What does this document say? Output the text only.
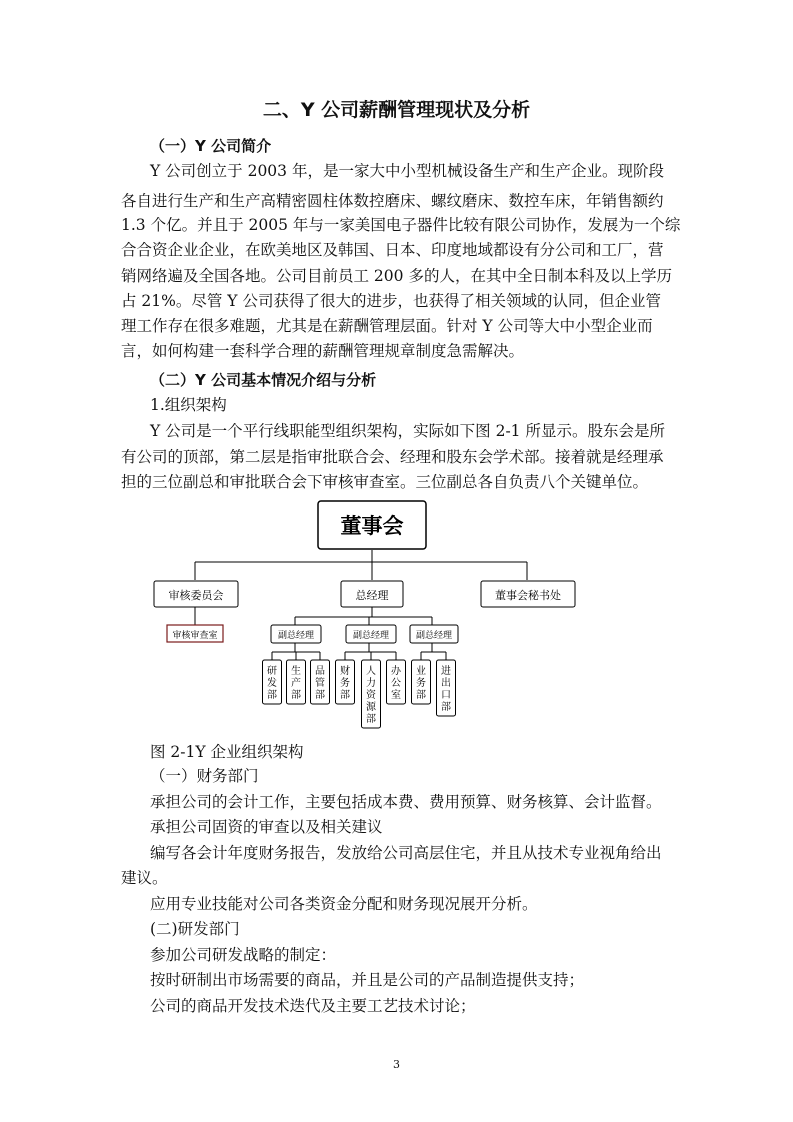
二、Y 公司薪酬管理现状及分析
（一）Y 公司简介
Y 公司创立于 2003 年，是一家大中小型机械设备生产和生产企业。现阶段
各自进行生产和生产高精密圆柱体数控磨床、螺纹磨床、数控车床，年销售额约
1.3 个亿。并且于 2005 年与一家美国电子器件比较有限公司协作，发展为一个综
合合资企业企业，在欧美地区及韩国、日本、印度地域都设有分公司和工厂，营
销网络遍及全国各地。公司目前员工 200 多的人，在其中全日制本科及以上学历
占 21%。尽管 Y 公司获得了很大的进步，也获得了相关领域的认同，但企业管
理工作存在很多难题，尤其是在薪酬管理层面。针对 Y 公司等大中小型企业而
言，如何构建一套科学合理的薪酬管理规章制度急需解决。
（二）Y 公司基本情况介绍与分析
1.组织架构
Y 公司是一个平行线职能型组织架构，实际如下图 2-1 所显示。股东会是所
有公司的顶部，第二层是指审批联合会、经理和股东会学术部。接着就是经理承
担的三位副总和审批联合会下审核审查室。三位副总各自负责八个关键单位。
董事会
审核委员会	总经理	董事会秘书处
审核审查室	副总经理	副总经理	副总经理
研发部
生产部
品管部
财务部
人力资源部
办公室
业务部
进出口部
图 2-1Y 企业组织架构
（一）财务部门
承担公司的会计工作，主要包括成本费、费用预算、财务核算、会计监督。
承担公司固资的审查以及相关建议
编写各会计年度财务报告，发放给公司高层住宅，并且从技术专业视角给出
建议。
应用专业技能对公司各类资金分配和财务现况展开分析。
(二)研发部门
参加公司研发战略的制定：
按时研制出市场需要的商品，并且是公司的产品制造提供支持；
公司的商品开发技术迭代及主要工艺技术讨论；
3
